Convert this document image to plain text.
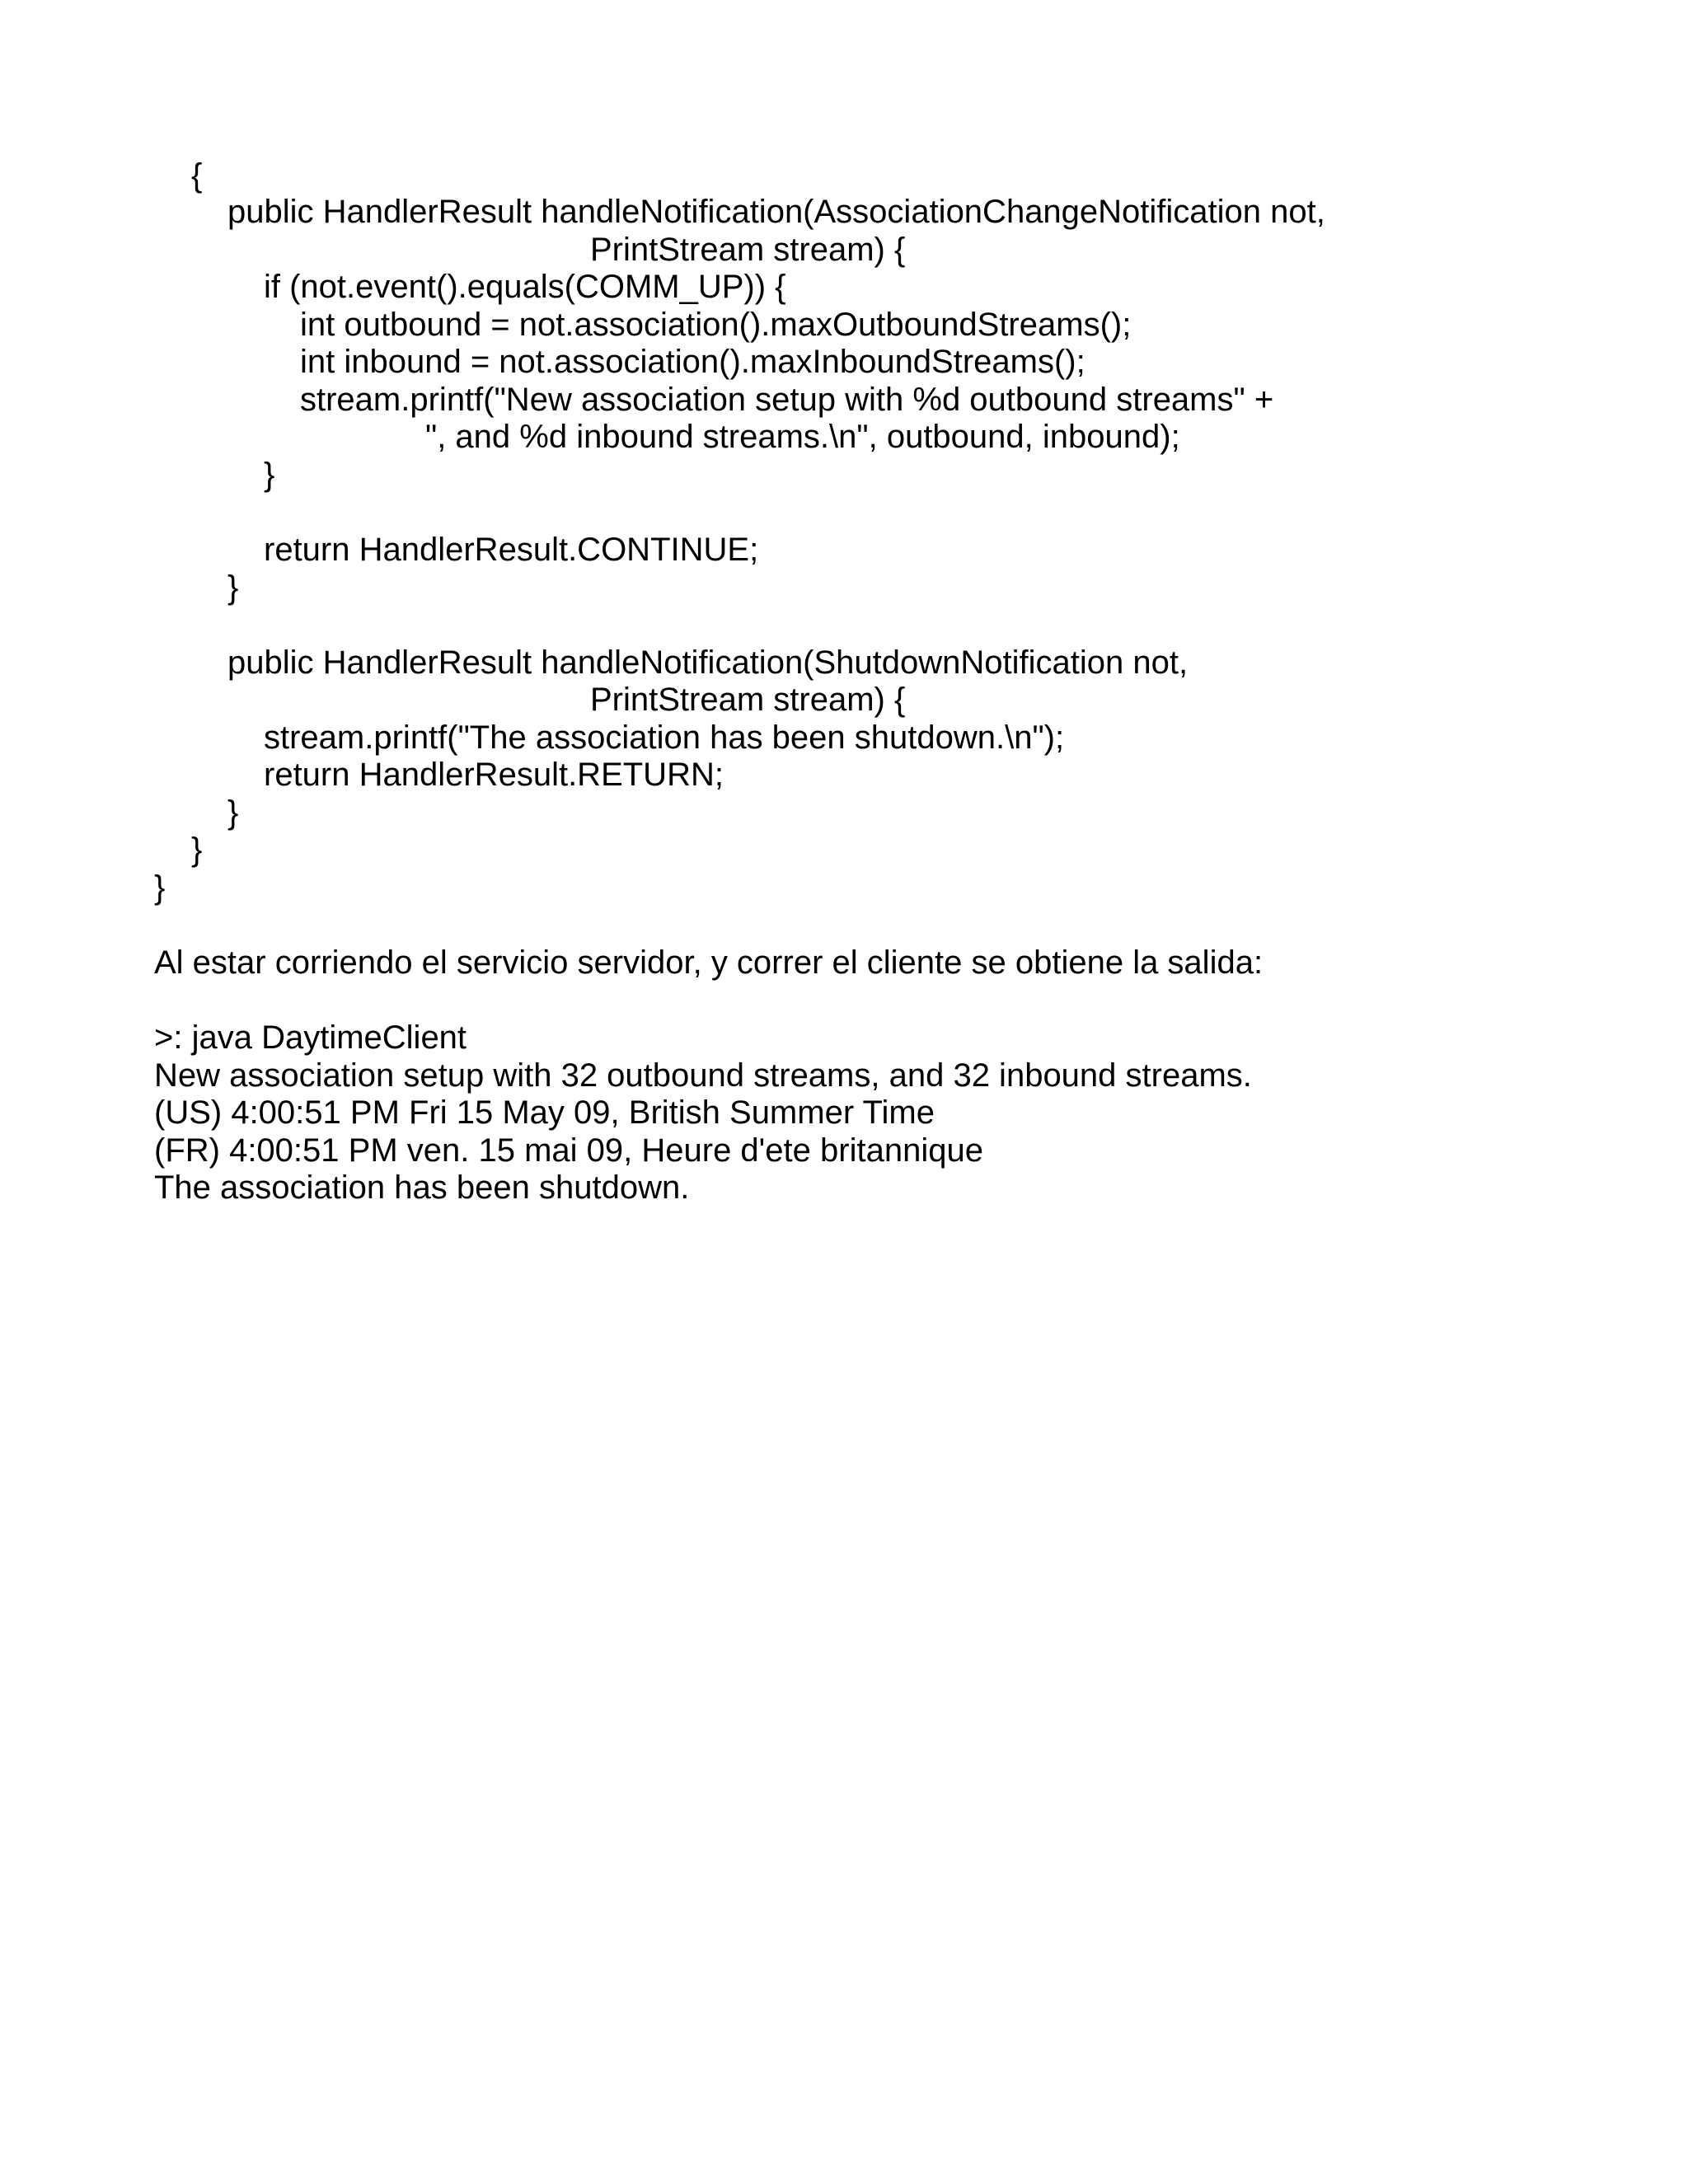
{
public HandlerResult handleNotification(AssociationChangeNotification not,
PrintStream stream) {
if (not.event().equals(COMM_UP)) {
int outbound = not.association().maxOutboundStreams();
int inbound = not.association().maxInboundStreams();
stream.printf("New association setup with %d outbound streams" +
", and %d inbound streams.\n", outbound, inbound);
}
return HandlerResult.CONTINUE;
}
public HandlerResult handleNotification(ShutdownNotification not,
PrintStream stream) {
stream.printf("The association has been shutdown.\n");
return HandlerResult.RETURN;
}
}
}
Al estar corriendo el servicio servidor, y correr el cliente se obtiene la salida:
>: java DaytimeClient
New association setup with 32 outbound streams, and 32 inbound streams.
(US) 4:00:51 PM Fri 15 May 09, British Summer Time
(FR) 4:00:51 PM ven. 15 mai 09, Heure d'ete britannique
The association has been shutdown.
